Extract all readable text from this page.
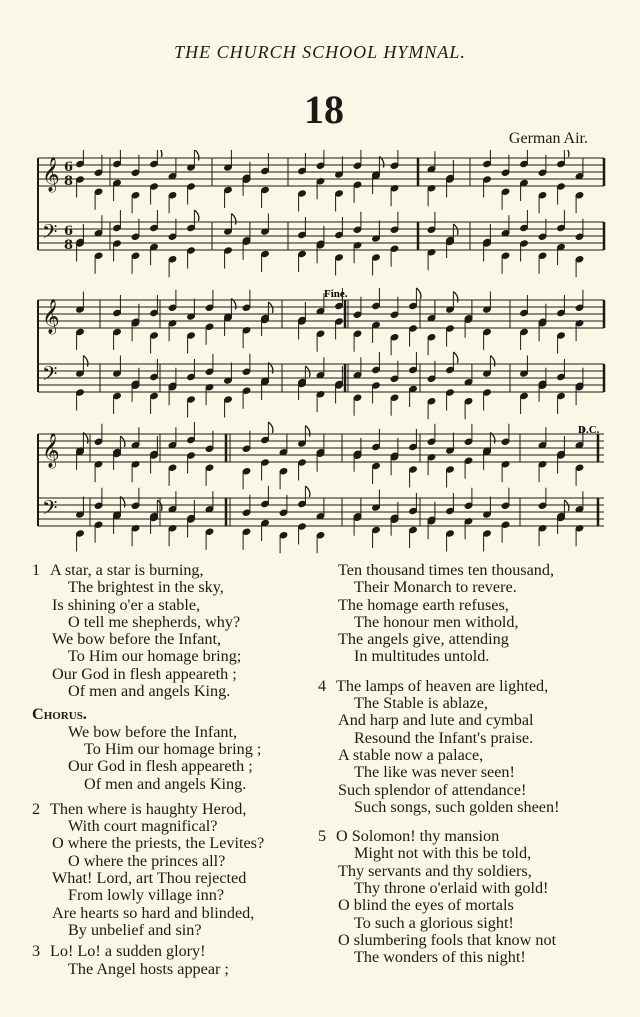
THE CHURCH SCHOOL HYMNAL.
18
German Air.
𝄞
𝄢
𝄞
𝄢
𝄞
𝄢
6
8
6
8
Fine.
D.C.
1 A star, a star is burning,
The brightest in the sky,
Is shining o'er a stable,
O tell me shepherds, why?
We bow before the Infant,
To Him our homage bring;
Our God in flesh appeareth ;
Of men and angels King.
Chorus.
We bow before the Infant,
To Him our homage bring ;
Our God in flesh appeareth ;
Of men and angels King.
2 Then where is haughty Herod,
With court magnifical?
O where the priests, the Levites?
O where the princes all?
What! Lord, art Thou rejected
From lowly village inn?
Are hearts so hard and blinded,
By unbelief and sin?
3 Lo! Lo! a sudden glory!
The Angel hosts appear ;
Ten thousand times ten thousand,
Their Monarch to revere.
The homage earth refuses,
The honour men withold,
The angels give, attending
In multitudes untold.
4 The lamps of heaven are lighted,
The Stable is ablaze,
And harp and lute and cymbal
Resound the Infant's praise.
A stable now a palace,
The like was never seen!
Such splendor of attendance!
Such songs, such golden sheen!
5 O Solomon! thy mansion
Might not with this be told,
Thy servants and thy soldiers,
Thy throne o'erlaid with gold!
O blind the eyes of mortals
To such a glorious sight!
O slumbering fools that know not
The wonders of this night!
